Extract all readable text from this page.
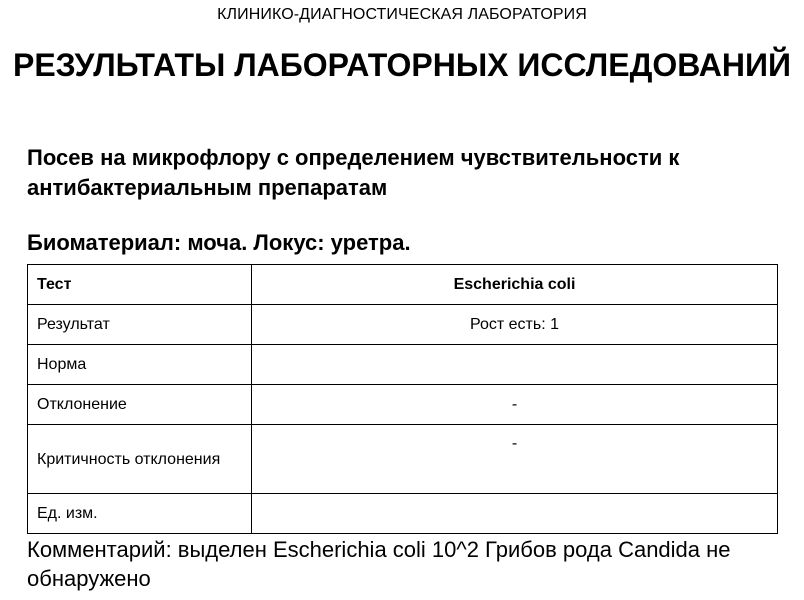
КЛИНИКО-ДИАГНОСТИЧЕСКАЯ ЛАБОРАТОРИЯ
РЕЗУЛЬТАТЫ ЛАБОРАТОРНЫХ ИССЛЕДОВАНИЙ
Посев на микрофлору с определением чувствительности к антибактериальным препаратам
Биоматериал: моча. Локус: уретра.
Тест	Escherichia coli
Результат	Рост есть: 1
Норма	
Отклонение	-
Критичность отклонения	-
Ед. изм.	
Комментарий: выделен Escherichia coli 10^2 Грибов рода Candida не обнаружено
